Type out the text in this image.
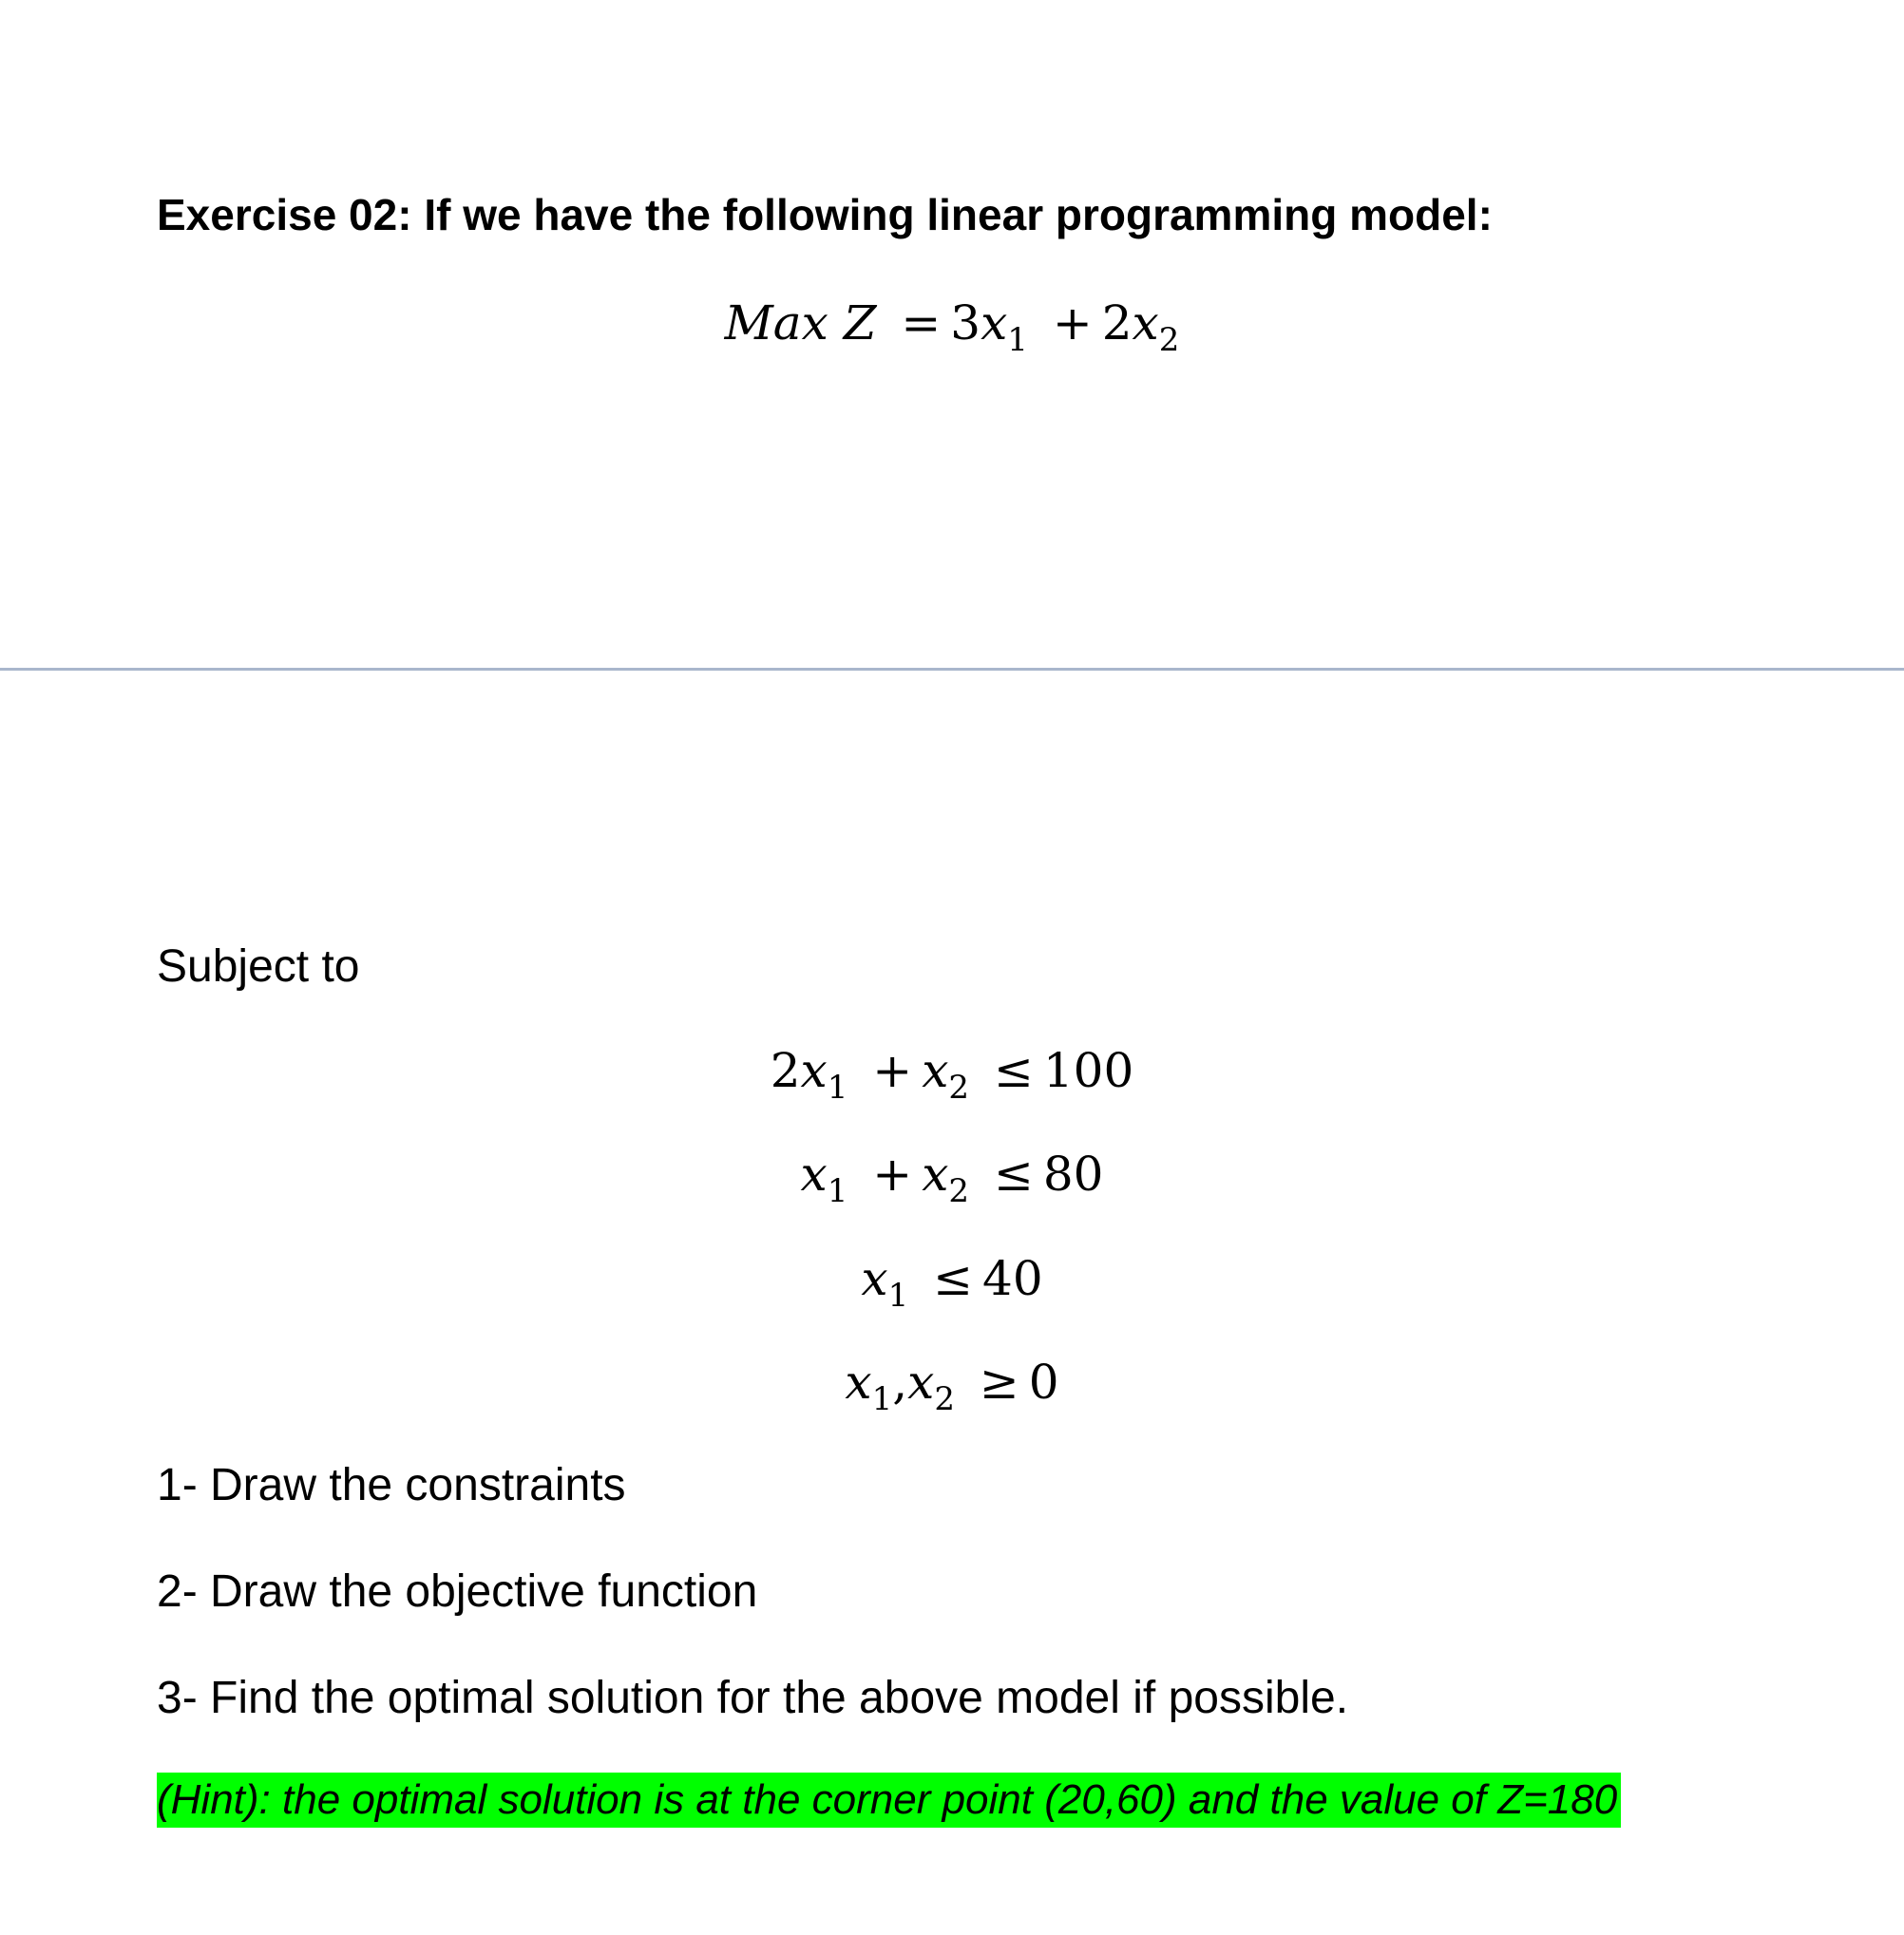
Exercise 02: If we have the following linear programming model:
Max $Z = 3x_1 + 2x_2$
Subject to
$2x_1 + x_2 \le 100$
$x_1 + x_2 \le 80$
$x_1 \le 40$
$x_1,x_2 \ge 0$
1- Draw the constraints
2- Draw the objective function
3- Find the optimal solution for the above model if possible.
(Hint): the optimal solution is at the corner point (20,60) and the value of Z=180
